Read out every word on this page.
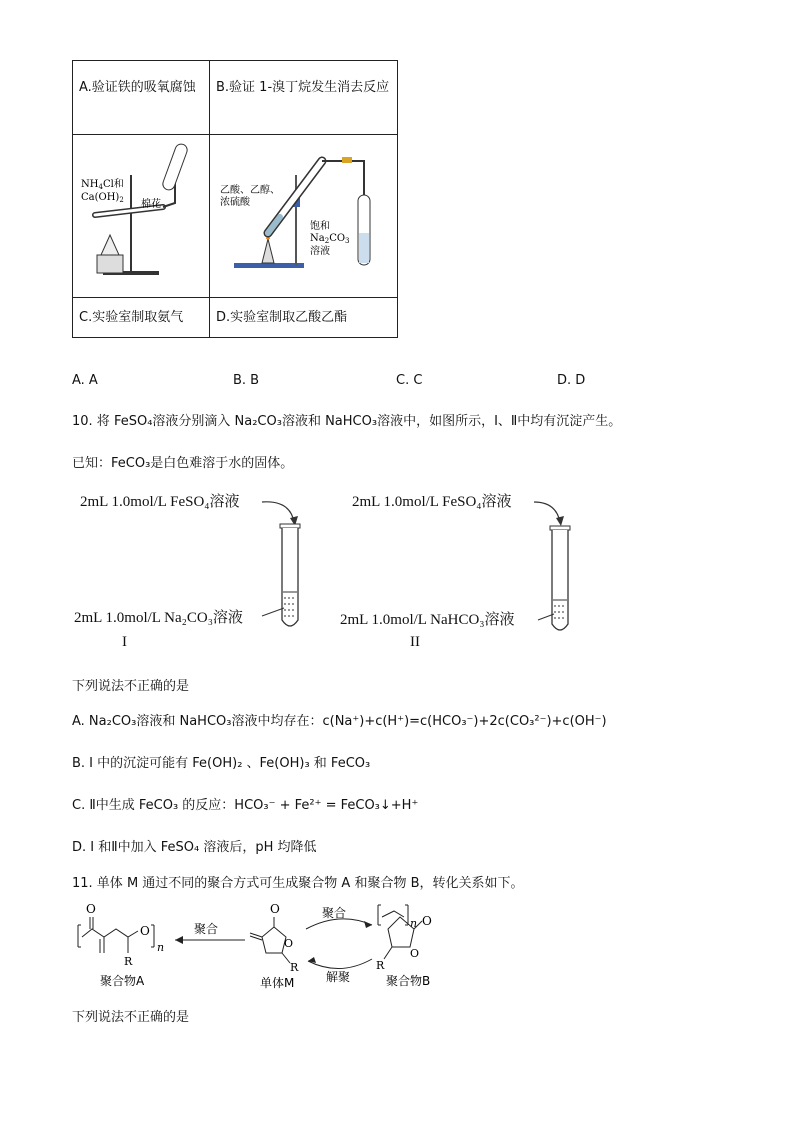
A.验证铁的吸氧腐蚀	B.验证 1-溴丁烷发生消去反应

棉花
$NH_4Cl$和
$Ca(OH)_2$	乙酸、乙醇、
浓硫酸
饱和
$Na_2CO_3$
溶液

C.实验室制取氨气	D.实验室制取乙酸乙酯
A. A	B. B	C. C	D. D
10. 将 FeSO₄溶液分别滴入 Na₂CO₃溶液和 NaHCO₃溶液中，如图所示，Ⅰ、Ⅱ中均有沉淀产生。
已知：FeCO₃是白色难溶于水的固体。
2mL 1.0mol/L FeSO₄溶液
2mL 1.0mol/L Na₂CO₃溶液
I
2mL 1.0mol/L FeSO₄溶液
2mL 1.0mol/L NaHCO₃溶液
II
下列说法不正确的是
A. Na₂CO₃溶液和 NaHCO₃溶液中均存在：c(Na⁺)+c(H⁺)=c(HCO₃⁻)+2c(CO₃²⁻)+c(OH⁻)
B. I 中的沉淀可能有 Fe(OH)₂ 、Fe(OH)₃ 和 FeCO₃
C. Ⅱ中生成 FeCO₃ 的反应：HCO₃⁻ + Fe²⁺ = FeCO₃↓+H⁺
D. I 和Ⅱ中加入 FeSO₄ 溶液后，pH 均降低
11. 单体 M 通过不同的聚合方式可生成聚合物 A 和聚合物 B，转化关系如下。
O
R
O
n
聚合物A
聚合
O
O
R
单体M
聚合
解聚
n O
O
R
聚合物B
下列说法不正确的是
